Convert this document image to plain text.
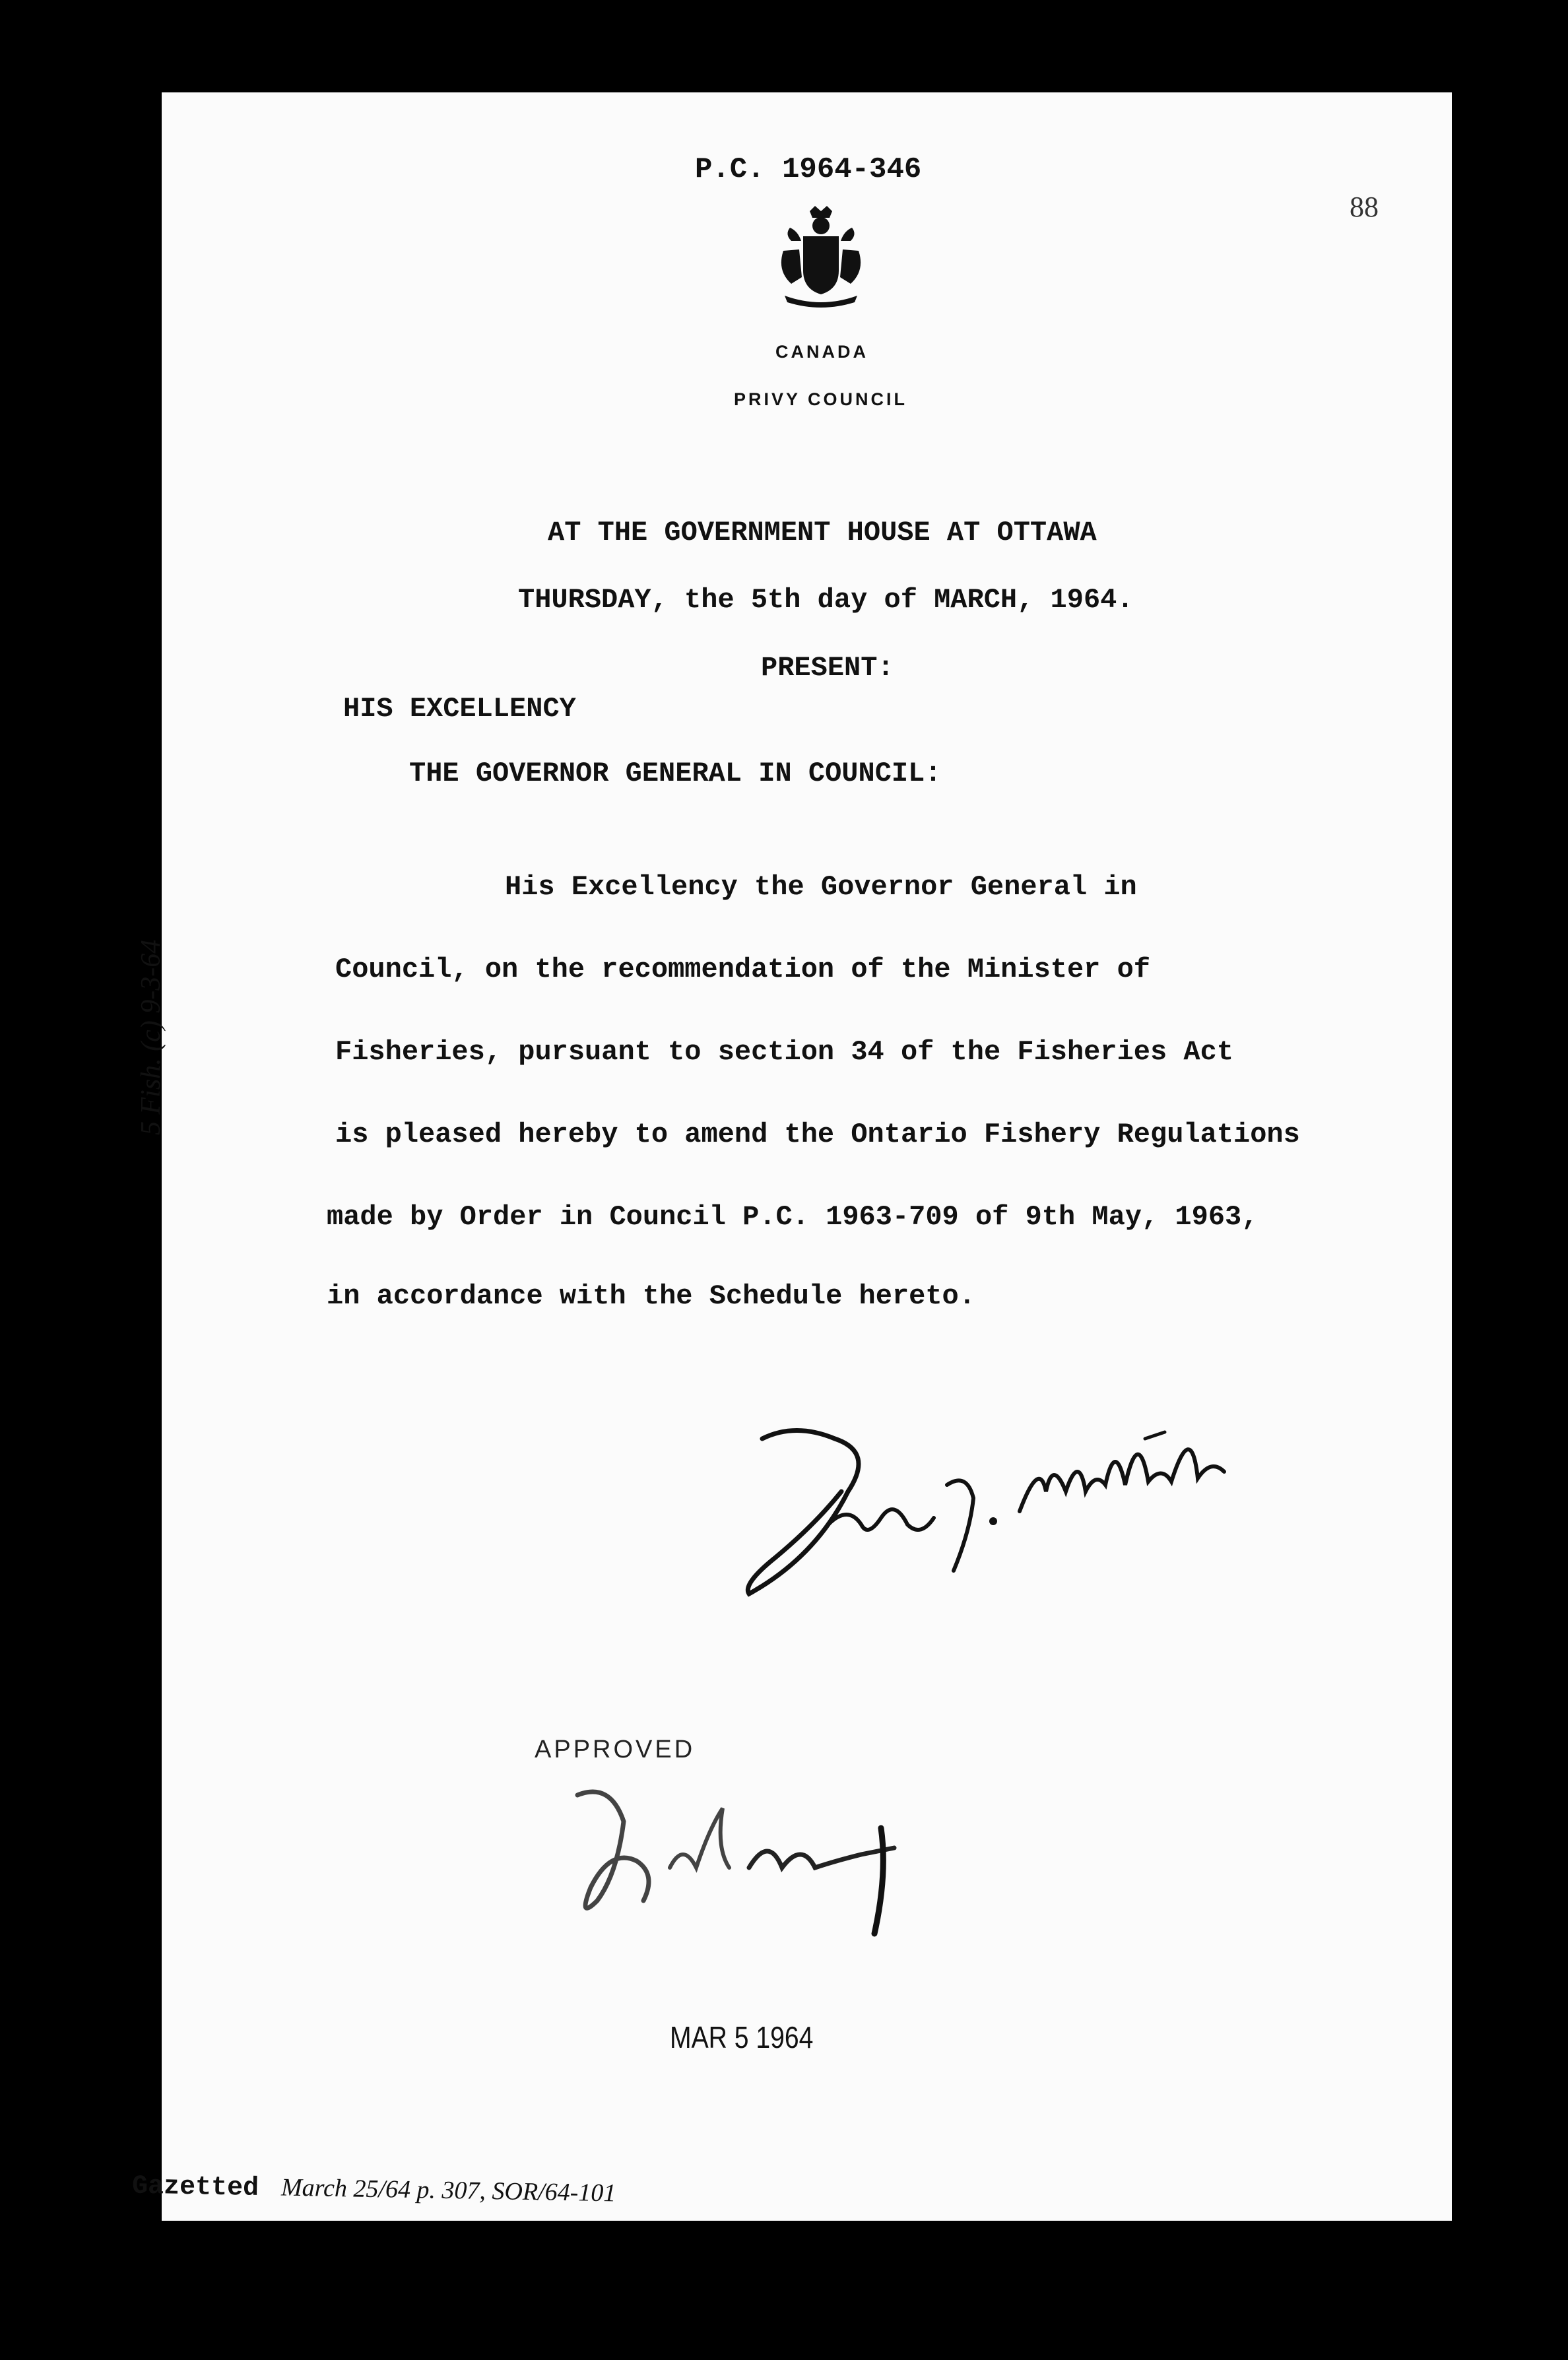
P.C. 1964-346
88
CANADA
PRIVY COUNCIL
AT THE GOVERNMENT HOUSE AT OTTAWA
THURSDAY, the 5th day of MARCH, 1964.
PRESENT:
HIS EXCELLENCY
THE GOVERNOR GENERAL IN COUNCIL:
His Excellency the Governor General in
Council, on the recommendation of the Minister of
Fisheries, pursuant to section 34 of the Fisheries Act
is pleased hereby to amend the Ontario Fishery Regulations
made by Order in Council P.C. 1963-709 of 9th May, 1963,
in accordance with the Schedule hereto.
APPROVED
MAR 5 1964
5 Fish. (c) 9-3-64
Gazetted March 25/64 p. 307, SOR/64-101
